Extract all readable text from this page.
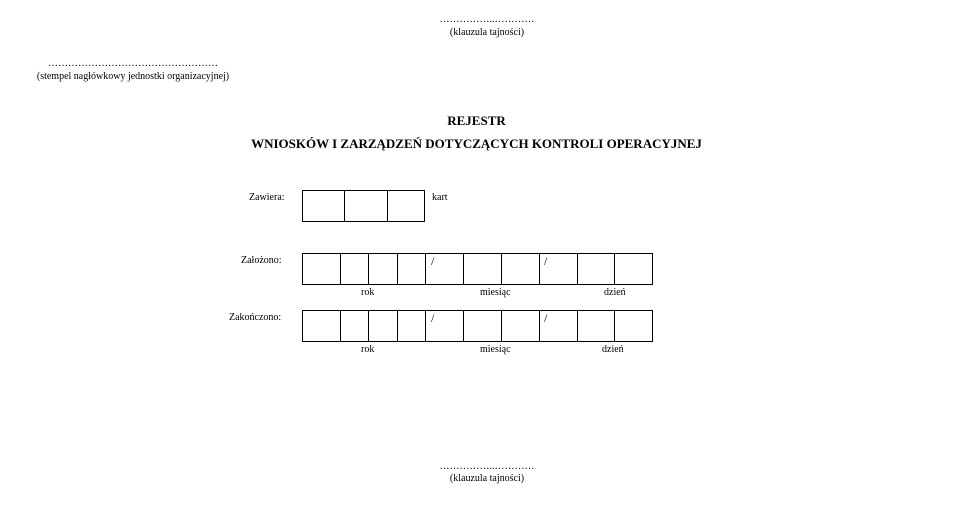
……………..…………
(klauzula tajności)
……………………………………………
(stempel nagłówkowy jednostki organizacyjnej)
REJESTR
WNIOSKÓW I ZARZĄDZEŃ DOTYCZĄCYCH KONTROLI OPERACYJNEJ
Zawiera:	kart
Założono:	/	/
rok	miesiąc	dzień
Zakończono:	/	/
rok	miesiąc	dzień
……………..…………
(klauzula tajności)
